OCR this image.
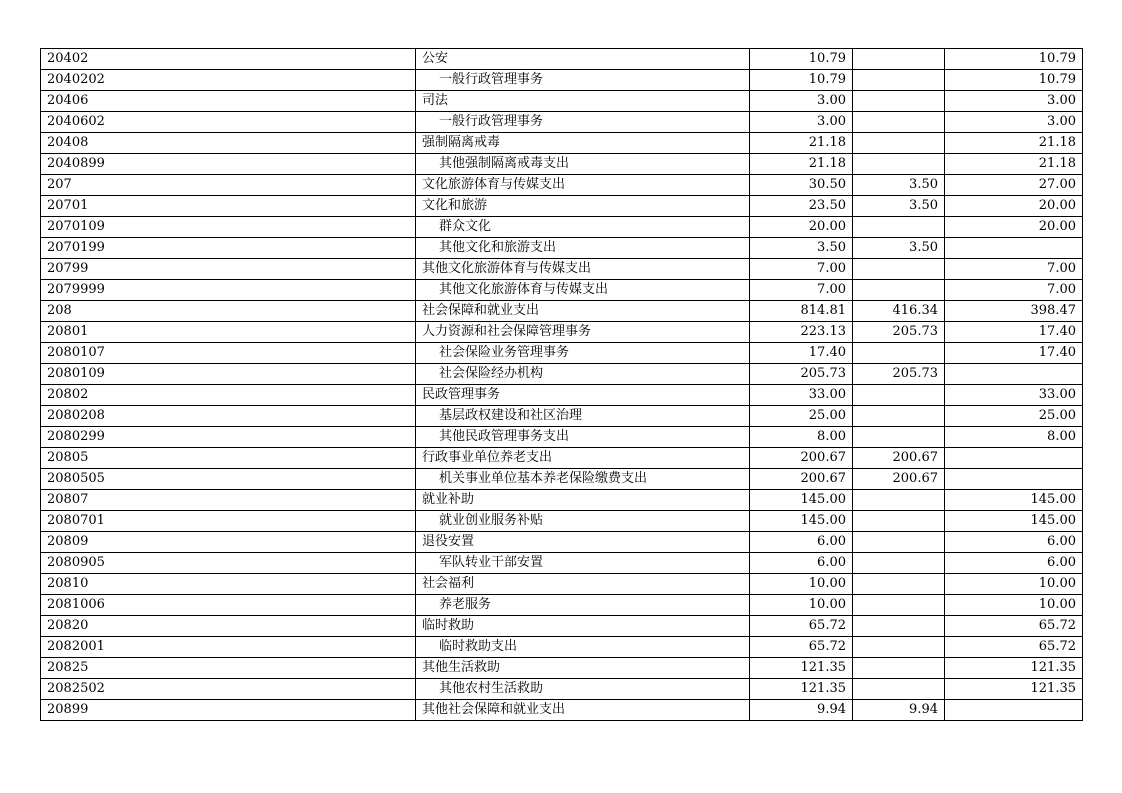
20402	公安	10.79		10.79
2040202	一般行政管理事务	10.79		10.79
20406	司法	3.00		3.00
2040602	一般行政管理事务	3.00		3.00
20408	强制隔离戒毒	21.18		21.18
2040899	其他强制隔离戒毒支出	21.18		21.18
207	文化旅游体育与传媒支出	30.50	3.50	27.00
20701	文化和旅游	23.50	3.50	20.00
2070109	群众文化	20.00		20.00
2070199	其他文化和旅游支出	3.50	3.50	
20799	其他文化旅游体育与传媒支出	7.00		7.00
2079999	其他文化旅游体育与传媒支出	7.00		7.00
208	社会保障和就业支出	814.81	416.34	398.47
20801	人力资源和社会保障管理事务	223.13	205.73	17.40
2080107	社会保险业务管理事务	17.40		17.40
2080109	社会保险经办机构	205.73	205.73	
20802	民政管理事务	33.00		33.00
2080208	基层政权建设和社区治理	25.00		25.00
2080299	其他民政管理事务支出	8.00		8.00
20805	行政事业单位养老支出	200.67	200.67	
2080505	机关事业单位基本养老保险缴费支出	200.67	200.67	
20807	就业补助	145.00		145.00
2080701	就业创业服务补贴	145.00		145.00
20809	退役安置	6.00		6.00
2080905	军队转业干部安置	6.00		6.00
20810	社会福利	10.00		10.00
2081006	养老服务	10.00		10.00
20820	临时救助	65.72		65.72
2082001	临时救助支出	65.72		65.72
20825	其他生活救助	121.35		121.35
2082502	其他农村生活救助	121.35		121.35
20899	其他社会保障和就业支出	9.94	9.94	
